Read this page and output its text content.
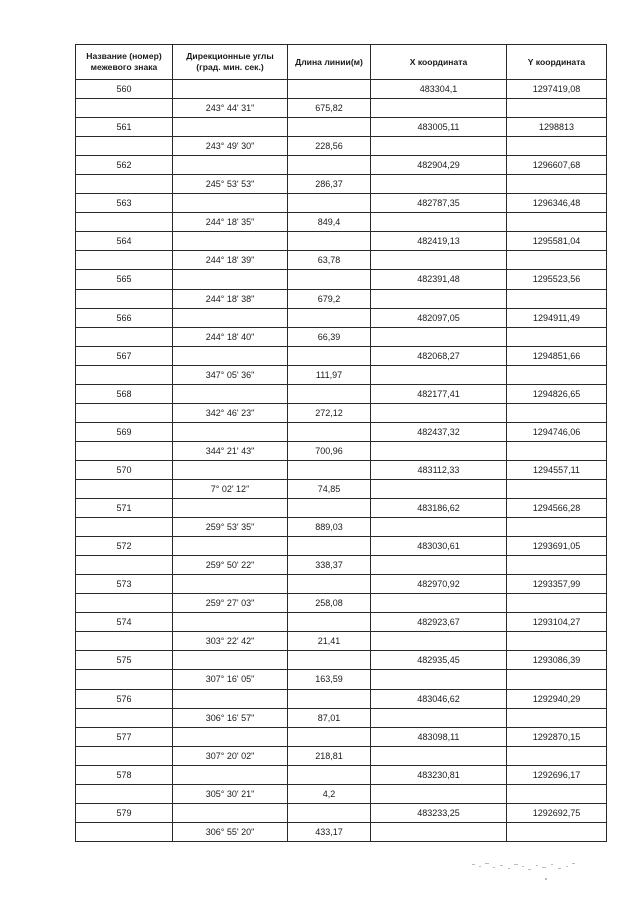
Название (номер) межевого знака	Дирекционные углы (град. мин. сек.)	Длина линии(м)	X координата	Y координата
560			483304,1	1297419,08
	243° 44' 31"	675,82		
561			483005,11	1298813
	243° 49' 30"	228,56		
562			482904,29	1296607,68
	245° 53' 53"	286,37		
563			482787,35	1296346,48
	244° 18' 35"	849,4		
564			482419,13	1295581,04
	244° 18' 39"	63,78		
565			482391,48	1295523,56
	244° 18' 38"	679,2		
566			482097,05	1294911,49
	244° 18' 40"	66,39		
567			482068,27	1294851,66
	347° 05' 36"	111,97		
568			482177,41	1294826,65
	342° 46' 23"	272,12		
569			482437,32	1294746,06
	344° 21' 43"	700,96		
570			483112,33	1294557,11
	7° 02' 12"	74,85		
571			483186,62	1294566,28
	259° 53' 35"	889,03		
572			483030,61	1293691,05
	259° 50' 22"	338,37		
573			482970,92	1293357,99
	259° 27' 03"	258,08		
574			482923,67	1293104,27
	303° 22' 42"	21,41		
575			482935,45	1293086,39
	307° 16' 05"	163,59		
576			483046,62	1292940,29
	306° 16' 57"	87,01		
577			483098,11	1292870,15
	307° 20' 02"	218,81		
578			483230,81	1292696,17
	305° 30' 21"	4,2		
579			483233,25	1292692,75
	306° 55' 20"	433,17		
